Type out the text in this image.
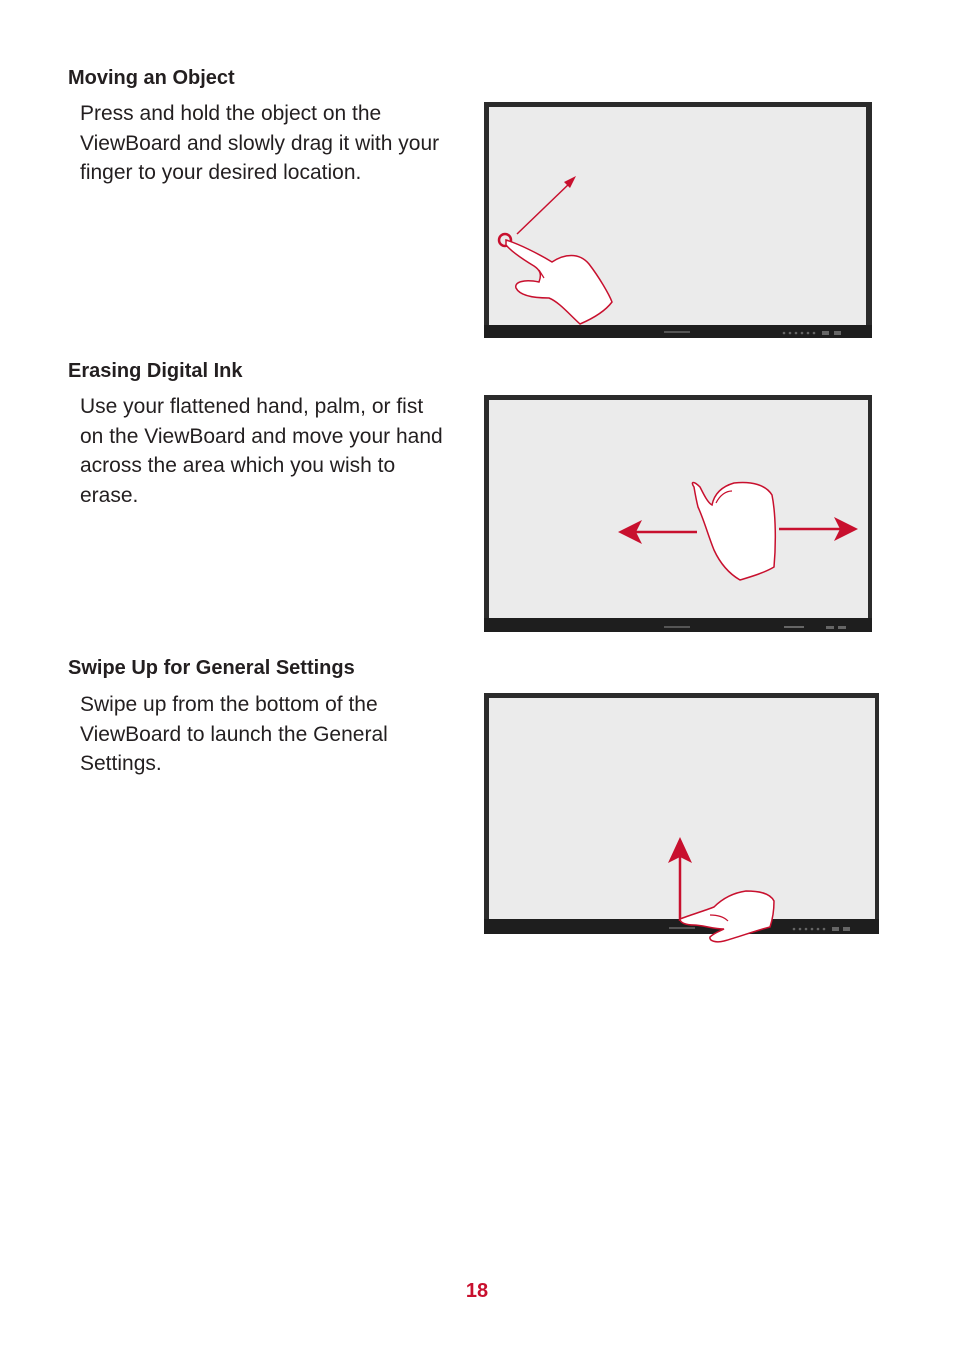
Moving an Object
Press and hold the object on the
ViewBoard and slowly drag it with your
finger to your desired location.
Erasing Digital Ink
Use your flattened hand, palm, or fist
on the ViewBoard and move your hand
across the area which you wish to
erase.
Swipe Up for General Settings
Swipe up from the bottom of the
ViewBoard to launch the General
Settings.
18
